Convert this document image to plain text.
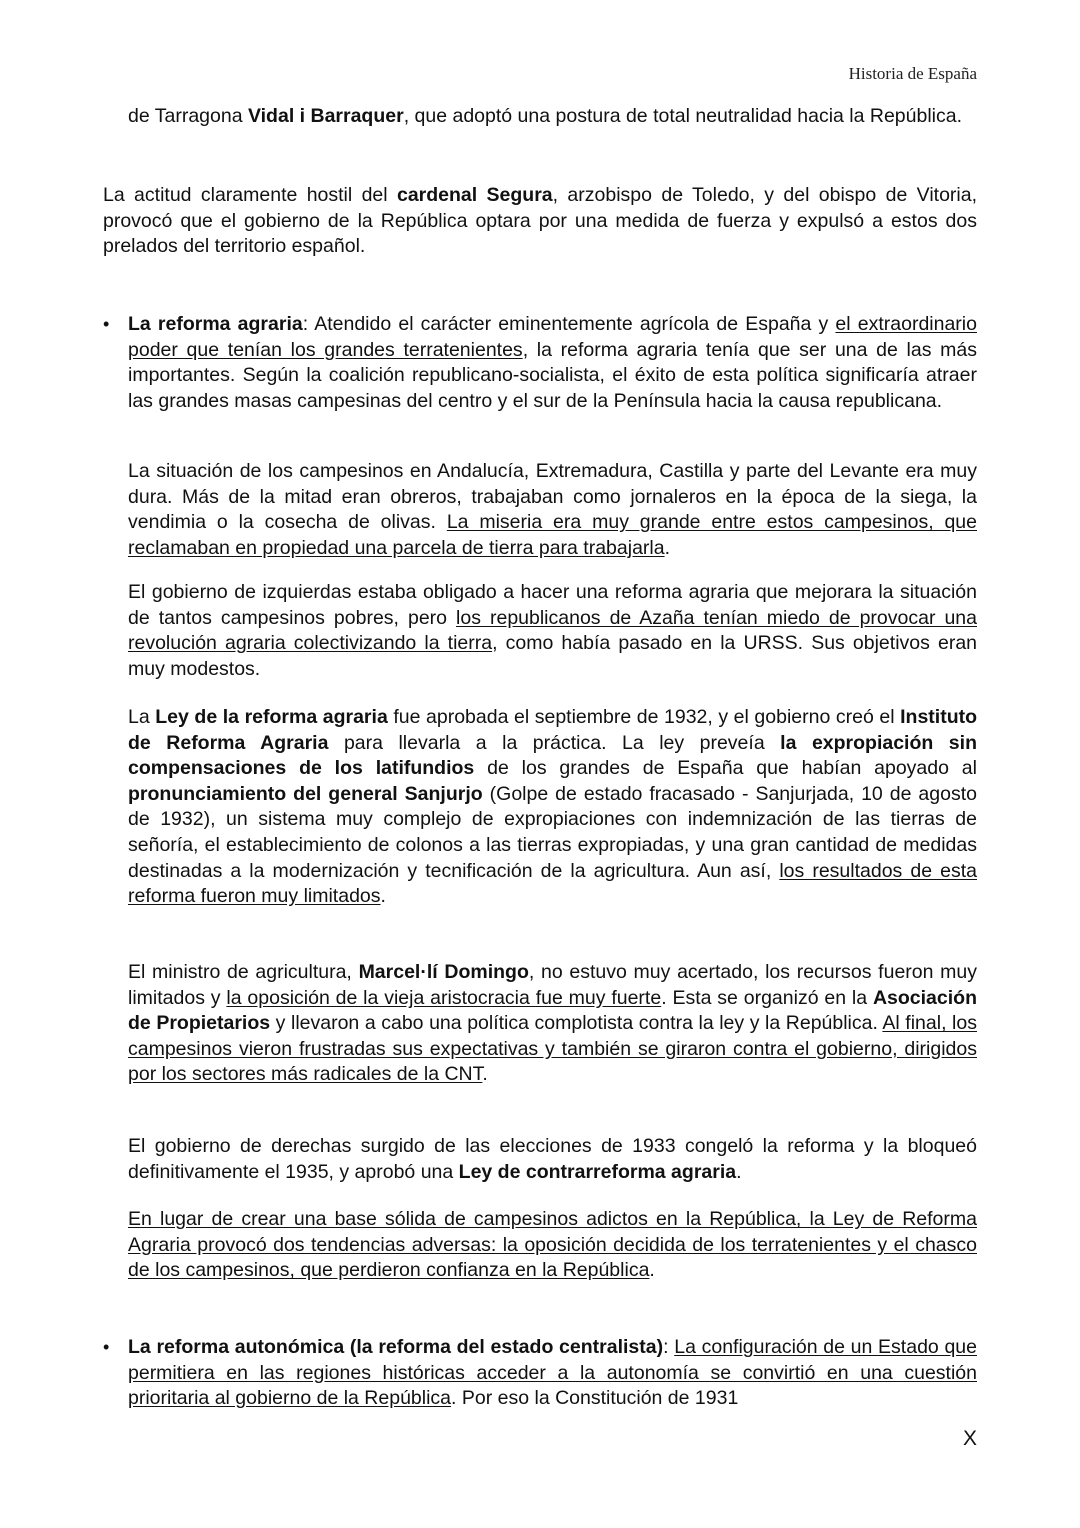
Historia de España

de Tarragona Vidal i Barraquer, que adoptó una postura de total neutralidad hacia la República.

La actitud claramente hostil del cardenal Segura, arzobispo de Toledo, y del obispo de Vitoria, provocó que el gobierno de la República optara por una medida de fuerza y expulsó a estos dos prelados del territorio español.

• La reforma agraria: Atendido el carácter eminentemente agrícola de España y el extraordinario poder que tenían los grandes terratenientes, la reforma agraria tenía que ser una de las más importantes. Según la coalición republicano-socialista, el éxito de esta política significaría atraer las grandes masas campesinas del centro y el sur de la Península hacia la causa republicana.

La situación de los campesinos en Andalucía, Extremadura, Castilla y parte del Levante era muy dura. Más de la mitad eran obreros, trabajaban como jornaleros en la época de la siega, la vendimia o la cosecha de olivas. La miseria era muy grande entre estos campesinos, que reclamaban en propiedad una parcela de tierra para trabajarla.

El gobierno de izquierdas estaba obligado a hacer una reforma agraria que mejorara la situación de tantos campesinos pobres, pero los republicanos de Azaña tenían miedo de provocar una revolución agraria colectivizando la tierra, como había pasado en la URSS. Sus objetivos eran muy modestos.

La Ley de la reforma agraria fue aprobada el septiembre de 1932, y el gobierno creó el Instituto de Reforma Agraria para llevarla a la práctica. La ley preveía la expropiación sin compensaciones de los latifundios de los grandes de España que habían apoyado al pronunciamiento del general Sanjurjo (Golpe de estado fracasado - Sanjurjada, 10 de agosto de 1932), un sistema muy complejo de expropiaciones con indemnización de las tierras de señoría, el establecimiento de colonos a las tierras expropiadas, y una gran cantidad de medidas destinadas a la modernización y tecnificación de la agricultura. Aun así, los resultados de esta reforma fueron muy limitados.

El ministro de agricultura, Marcel·lí Domingo, no estuvo muy acertado, los recursos fueron muy limitados y la oposición de la vieja aristocracia fue muy fuerte. Esta se organizó en la Asociación de Propietarios y llevaron a cabo una política complotista contra la ley y la República. Al final, los campesinos vieron frustradas sus expectativas y también se giraron contra el gobierno, dirigidos por los sectores más radicales de la CNT.

El gobierno de derechas surgido de las elecciones de 1933 congeló la reforma y la bloqueó definitivamente el 1935, y aprobó una Ley de contrarreforma agraria.

En lugar de crear una base sólida de campesinos adictos en la República, la Ley de Reforma Agraria provocó dos tendencias adversas: la oposición decidida de los terratenientes y el chasco de los campesinos, que perdieron confianza en la República.

• La reforma autonómica (la reforma del estado centralista): La configuración de un Estado que permitiera en las regiones históricas acceder a la autonomía se convirtió en una cuestión prioritaria al gobierno de la República. Por eso la Constitución de 1931

X
